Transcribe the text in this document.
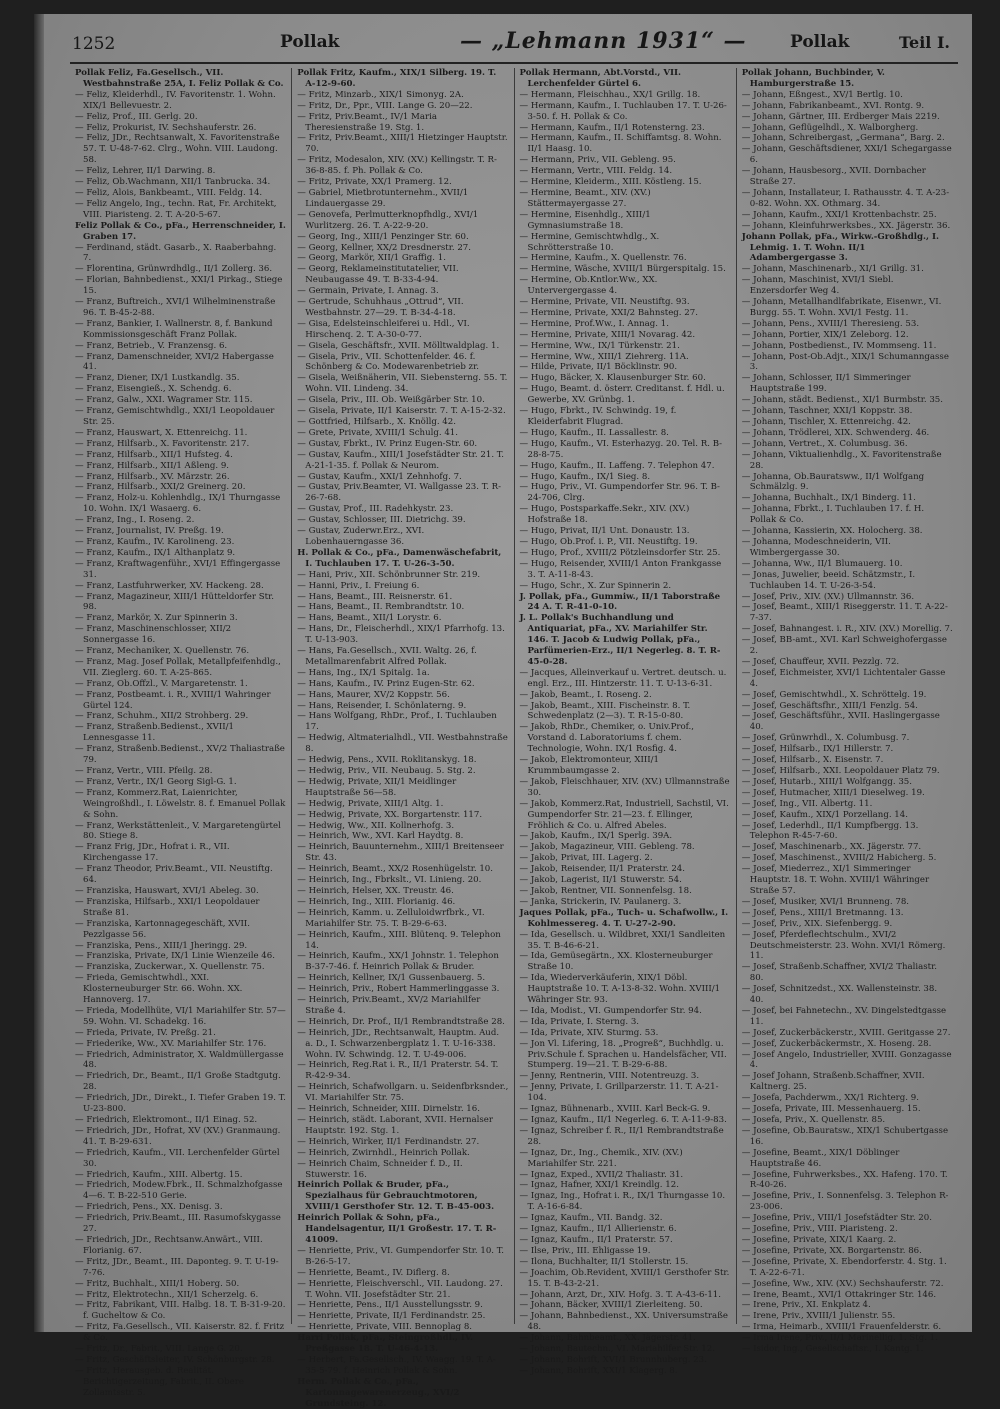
1252	Pollak	— „Lehmann 1931“ —	Pollak	Teil I.
Pollak Feliz, Fa.Gesellsch., VII. Westbahnstraße 25A, I. Feliz Pollak & Co.
— Feliz, Kleiderhdl., IV. Favoritenstr. 1. Wohn. XIX/1 Bellevuestr. 2.
— Feliz, Prof., III. Gerlg. 20.
— Feliz, Prokurist, IV. Sechshauferstr. 26.
— Feliz, JDr., Rechtsanwalt, X. Favoritenstraße 57. T. U-48-7-62. Clrg., Wohn. VIII. Laudong. 58.
— Feliz, Lehrer, II/1 Darwing. 8.
— Feliz, Ob.Wachmann, XII/1 Tanbrucka. 34.
— Feliz, Alois, Bankbeamt., VIII. Feldg. 14.
— Feliz Angelo, Ing., techn. Rat, Fr. Architekt, VIII. Piaristeng. 2. T. A-20-5-67.
Feliz Pollak & Co., pFa., Herrenschneider, I. Graben 17.
— Ferdinand, städt. Gasarb., X. Raaberbahng. 7.
— Florentina, Grünwrdhdlg., II/1 Zollerg. 36.
— Florian, Bahnbedienst., XXI/1 Pirkag., Stiege 15.
— Franz, Buftreich., XVI/1 Wilhelminenstraße 96. T. B-45-2-88.
— Franz, Bankier, I. Wallnerstr. 8, f. Bankund Kommissionsgeschäft Franz Pollak.
— Franz, Betrieb., V. Franzensg. 6.
— Franz, Damenschneider, XVI/2 Habergasse 41.
— Franz, Diener, IX/1 Lustkandlg. 35.
— Franz, Eisengieß., X. Schendg. 6.
— Franz, Galw., XXI. Wagramer Str. 115.
— Franz, Gemischtwhdlg., XXI/1 Leopoldauer Str. 25.
— Franz, Hauswart, X. Ettenreichg. 11.
— Franz, Hilfsarb., X. Favoritenstr. 217.
— Franz, Hilfsarb., XII/1 Hufsteg. 4.
— Franz, Hilfsarb., XII/1 Aßleng. 9.
— Franz, Hilfsarb., XV. Märzstr. 26.
— Franz, Hilfsarb., XXI/2 Greinerg. 20.
— Franz, Holz-u. Kohlenhdlg., IX/1 Thurngasse 10. Wohn. IX/1 Wasaerg. 6.
— Franz, Ing., I. Roseng. 2.
— Franz, Journalist, IV. Preßg. 19.
— Franz, Kaufm., IV. Karolineng. 23.
— Franz, Kaufm., IX/1 Althanplatz 9.
— Franz, Kraftwagenführ., XVI/1 Effingergasse 31.
— Franz, Lastfuhrwerker, XV. Hackeng. 28.
— Franz, Magazineur, XIII/1 Hütteldorfer Str. 98.
— Franz, Markör, X. Zur Spinnerin 3.
— Franz, Maschinenschlosser, XII/2 Sonnergasse 16.
— Franz, Mechaniker, X. Quellenstr. 76.
— Franz, Mag. Josef Pollak, Metallpfeifenhdlg., VII. Zieglerg. 60. T. A-25-865.
— Franz, Ob.Offzl., V. Margaretenstr. 1.
— Franz, Postbeamt. i. R., XVIII/1 Wahringer Gürtel 124.
— Franz, Schuhm., XII/2 Strohberg. 29.
— Franz, Straßenb.Bedienst., XVII/1 Lennesgasse 11.
— Franz, Straßenb.Bedienst., XV/2 Thaliastraße 79.
— Franz, Vertr., VIII. Pfeilg. 28.
— Franz, Vertr., IX/1 Georg Sigl-G. 1.
— Franz, Kommerz.Rat, Laienrichter, Weingroßhdl., I. Löwelstr. 8. f. Emanuel Pollak & Sohn.
— Franz, Werkstättenleit., V. Margaretengürtel 80. Stiege 8.
— Franz Frig, JDr., Hofrat i. R., VII. Kirchengasse 17.
— Franz Theodor, Priv.Beamt., VII. Neustiftg. 64.
— Franziska, Hauswart, XVI/1 Abeleg. 30.
— Franziska, Hilfsarb., XXI/1 Leopoldauer Straße 81.
— Franziska, Kartonnagegeschäft, XVII. Pezzlgasse 56.
— Franziska, Pens., XIII/1 Jheringg. 29.
— Franziska, Private, IX/1 Linie Wienzeile 46.
— Franziska, Zuckerwar., X. Quellenstr. 75.
— Frieda, Gemischtwhdl., XXI. Klosterneuburger Str. 66. Wohn. XX. Hannoverg. 17.
— Frieda, Modellhüte, VI/1 Mariahilfer Str. 57—59. Wohn. VI. Schadekg. 16.
— Frieda, Private, IV. Preßg. 21.
— Friederike, Ww., XV. Mariahilfer Str. 176.
— Friedrich, Administrator, X. Waldmüllergasse 48.
— Friedrich, Dr., Beamt., II/1 Große Stadtgutg. 28.
— Friedrich, JDr., Direkt., I. Tiefer Graben 19. T. U-23-800.
— Friedrich, Elektromont., II/1 Einag. 52.
— Friedrich, JDr., Hofrat, XV (XV.) Granmaung. 41. T. B-29-631.
— Friedrich, Kaufm., VII. Lerchenfelder Gürtel 30.
— Friedrich, Kaufm., XIII. Albertg. 15.
— Friedrich, Modew.Fbrk., II. Schmalzhofgasse 4—6. T. B-22-510 Gerie.
— Friedrich, Pens., XX. Denisg. 3.
— Friedrich, Priv.Beamt., III. Rasumofskygasse 27.
— Friedrich, JDr., Rechtsanw.Anwärt., VIII. Florianig. 67.
— Fritz, JDr., Beamt., III. Daponteg. 9. T. U-19-7-76.
— Fritz, Buchhalt., XIII/1 Hoberg. 50.
— Fritz, Elektrotechn., XII/1 Scherzelg. 6.
— Fritz, Fabrikant, VIII. Halbg. 18. T. B-31-9-20. f. Gucheltow & Co.
— Fritz, Fa.Gesellsch., VII. Kaiserstr. 82. f. Fritz & Co.
— Fritz, Dr., Fabrit., VIII. Lange G. 20.
— Fritz, Geschäftsleiter, IV. Schönburgstr. 28.
— Fritz, Herausgeb. d. Realität. Berichtigerzeitung, Fabrit., II. Obere Zollamtsstr. 5.
Pollak Fritz, Kaufm., XIX/1 Silberg. 19. T. A-12-9-60.
— Fritz, Minzarb., XIX/1 Simonyg. 2A.
— Fritz, Dr., Ppr., VIII. Lange G. 20—22.
— Fritz, Priv.Beamt., IV/1 Maria Theresienstraße 19. Stg. 1.
— Fritz, Priv.Beamt., XIII/1 Hietzinger Hauptstr. 70.
— Fritz, Modesalon, XIV. (XV.) Kellingstr. T. R-36-8-85. f. Ph. Pollak & Co.
— Fritz, Private, XX/1 Pramerg. 12.
— Gabriel, Mietbrotunternehm., XVII/1 Lindauergasse 29.
— Genovefa, Perlmutterknopfhdlg., XVI/1 Wurlitzerg. 26. T. A-22-9-20.
— Georg, Ing., XIII/1 Penzinger Str. 60.
— Georg, Kellner, XX/2 Dresdnerstr. 27.
— Georg, Markör, XII/1 Graffig. 1.
— Georg, Reklameinstitutatelier, VII. Neubaugasse 49. T. B-33-4-94.
— Germain, Private, I. Annag. 3.
— Gertrude, Schuhhaus „Ottrud“, VII. Westbahnstr. 27—29. T. B-34-4-18.
— Gisa, Edelsteinschleiferei u. Hdl., VI. Hirschenq. 2. T. A-30-0-77.
— Gisela, Geschäftsfr., XVII. Mölltwaldplag. 1.
— Gisela, Priv., VII. Schottenfelder. 46. f. Schönberg & Co. Modewarenbetrieb zr.
— Gisela, Weißnäherin, VII. Siebensterng. 55. T. Wohn. VII. Lindeng. 34.
— Gisela, Priv., III. Ob. Weißgärber Str. 10.
— Gisela, Private, II/1 Kaiserstr. 7. T. A-15-2-32.
— Gottfried, Hilfsarb., X. Knöllg. 42.
— Grete, Private, XVIII/1 Schulg. 41.
— Gustav, Fbrkt., IV. Prinz Eugen-Str. 60.
— Gustav, Kaufm., XIII/1 Josefstädter Str. 21. T. A-21-1-35. f. Pollak & Neurom.
— Gustav, Kaufm., XXI/1 Zehnhofg. 7.
— Gustav, Priv.Beamter, VI. Wallgasse 23. T. R-26-7-68.
— Gustav, Prof., III. Radehkystr. 23.
— Gustav, Schlosser, III. Dietrichg. 39.
— Gustav, Zuderwr.Erz., XVI. Lobenhauerngasse 36.
H. Pollak & Co., pFa., Damenwäschefabrit, I. Tuchlauben 17. T. U-26-3-50.
— Hani, Priv., XII. Schönbrunner Str. 219.
— Hanni, Priv., I. Freiung 6.
— Hans, Beamt., III. Reisnerstr. 61.
— Hans, Beamt., II. Rembrandtstr. 10.
— Hans, Beamt., XII/1 Lorystr. 6.
— Hans, Dr., Fleischerhdl., XIX/1 Pfarrhofg. 13. T. U-13-903.
— Hans, Fa.Gesellsch., XVII. Waltg. 26, f. Metallmarenfabrit Alfred Pollak.
— Hans, Ing., IX/1 Spitalg. 1a.
— Hans, Kaufm., IV. Prinz Eugen-Str. 62.
— Hans, Maurer, XV/2 Koppstr. 56.
— Hans, Reisender, I. Schönlaterng. 9.
— Hans Wolfgang, RhDr., Prof., I. Tuchlauben 17.
— Hedwig, Altmaterialhdl., VII. Westbahnstraße 8.
— Hedwig, Pens., XVII. Roklitanskyg. 18.
— Hedwig, Priv., VII. Neubaug. 5. Stg. 2.
— Hedwig, Private, XII/1 Meidlinger Hauptstraße 56—58.
— Hedwig, Private, XIII/1 Altg. 1.
— Hedwig, Private, XX. Borgartenstr. 117.
— Hedwig, Ww., XII. Kollnerhofg. 3.
— Heinrich, Ww., XVI. Karl Haydtg. 8.
— Heinrich, Bauunternehm., XIII/1 Breitenseer Str. 43.
— Heinrich, Beamt., XX/2 Rosenhügelstr. 10.
— Heinrich, Ing., Fbrkslt., VI. Linieng. 20.
— Heinrich, Helser, XX. Treustr. 46.
— Heinrich, Ing., XIII. Florianig. 46.
— Heinrich, Kamm. u. Zelluloidwrfbrk., VI. Mariahilfer Str. 75. T. B-29-6-63.
— Heinrich, Kaufm., XIII. Blütenq. 9. Telephon 14.
— Heinrich, Kaufm., XX/1 Johnstr. 1. Telephon B-37-7-46. f. Heinrich Pollak & Bruder.
— Heinrich, Kellner, IX/1 Gussenbauerg. 5.
— Heinrich, Priv., Robert Hammerlinggasse 3.
— Heinrich, Priv.Beamt., XV/2 Mariahilfer Straße 4.
— Heinrich, Dr. Prof., II/1 Rembrandtstraße 28.
— Heinrich, JDr., Rechtsanwalt, Hauptm. Aud. a. D., I. Schwarzenbergplatz 1. T. U-16-338. Wohn. IV. Schwindg. 12. T. U-49-006.
— Heinrich, Reg.Rat i. R., II/1 Praterstr. 54. T. R-42-9-34.
— Heinrich, Schafwollgarn. u. Seidenfbrksnder., VI. Mariahilfer Str. 75.
— Heinrich, Schneider, XIII. Dirnelstr. 16.
— Heinrich, städt. Laborant, XVII. Hernalser Hauptstr. 192. Stg. 1.
— Heinrich, Wirker, II/1 Ferdinandstr. 27.
— Heinrich, Zwirnhdl., Heinrich Pollak.
— Heinrich Chaim, Schneider f. D., II. Stuwerstr. 16.
Heinrich Pollak & Bruder, pFa., Spezialhaus für Gebrauchtmotoren, XVIII/1 Gersthofer Str. 12. T. B-45-003.
Heinrich Pollak & Sohn, pFa., Handelsagentur, II/1 Großestr. 17. T. R-41009.
— Henriette, Priv., VI. Gumpendorfer Str. 10. T. B-26-5-17.
— Henriette, Beamt., IV. Diflerg. 8.
— Henriette, Fleischverschl., VII. Laudong. 27. T. Wohn. VII. Josefstädter Str. 21.
— Henriette, Pens., II/1 Ausstellungsstr. 9.
— Henriette, Private, II/1 Ferdinandstr. 25.
— Henriette, Private, VIII. Bennoplag 8.
Harri Pollak, pFa., Steingroßhdl., IV. Preßgasse 18. T. U-46-4-13.
— Herbert, Fa.Gesellsch., IV. Waagg. 19. T. A-35-5-79. f. Heinrich Pollak & Sohn.
Herm. Pollak & Co., pFa., Kartonnagewarenerzeug., XVI/2 Grundsteing. 12.
Pollak Hermann, Abt.Vorstd., VII. Lerchenfelder Gürtel 6.
— Hermann, Fleischhau., XX/1 Grillg. 18.
— Hermann, Kaufm., I. Tuchlauben 17. T. U-26-3-50. f. H. Pollak & Co.
— Hermann, Kaufm., II/1 Rotensterng. 23.
— Hermann, Kaufm., II. Schiffamtsg. 8. Wohn. II/1 Haasg. 10.
— Hermann, Priv., VII. Gebleng. 95.
— Hermann, Vertr., VIII. Feldg. 14.
— Hermine, Kleiderm., XIII. Köstleng. 15.
— Hermine, Beamt., XIV. (XV.) Stättermayergasse 27.
— Hermine, Eisenhdlg., XIII/1 Gymnasiumstraße 18.
— Hermine, Gemischtwhdlg., X. Schrötterstraße 10.
— Hermine, Kaufm., X. Quellenstr. 76.
— Hermine, Wäsche, XVIII/1 Bürgerspitalg. 15.
— Hermine, Ob.Kntlor.Ww., XX. Untervergergasse 4.
— Hermine, Private, VII. Neustiftg. 93.
— Hermine, Private, XXI/2 Bahnsteg. 27.
— Hermine, Prof.Ww., I. Annag. 1.
— Hermine, Private, XIII/1 Novarag. 42.
— Hermine, Ww., IX/1 Türkenstr. 21.
— Hermine, Ww., XIII/1 Ziehrerg. 11A.
— Hilde, Private, II/1 Böcklinstr. 90.
— Hugo, Bäcker, X. Klausenburger Str. 60.
— Hugo, Beamt. d. österr. Creditanst. f. Hdl. u. Gewerbe, XV. Grünbg. 1.
— Hugo, Fbrkt., IV. Schwindg. 19, f. Kleiderfabrit Flugrad.
— Hugo, Kaufm., II. Lassallestr. 8.
— Hugo, Kaufm., VI. Esterhazyg. 20. Tel. R. B-28-8-75.
— Hugo, Kaufm., II. Laffeng. 7. Telephon 47.
— Hugo, Kaufm., IX/1 Sieg. 8.
— Hugo, Priv., VI. Gumpendorfer Str. 96. T. B-24-706, Clrg.
— Hugo, Postsparkaffe.Sekr., XIV. (XV.) Hofstraße 18.
— Hugo, Privat, II/1 Unt. Donaustr. 13.
— Hugo, Ob.Prof. i. P., VII. Neustiftg. 19.
— Hugo, Prof., XVIII/2 Pötzleinsdorfer Str. 25.
— Hugo, Reisender, XVIII/1 Anton Frankgasse 3. T. A-11-8-43.
— Hugo, Schr., X. Zur Spinnerin 2.
J. Pollak, pFa., Gummiw., II/1 Taborstraße 24 A. T. R-41-0-10.
J. L. Pollak's Buchhandlung und Antiquariat, pFa., XV. Mariahilfer Str. 146. T. Jacob & Ludwig Pollak, pFa., Parfümerien-Erz., II/1 Negerleg. 8. T. R-45-0-28.
— Jacques, Alleinverkauf u. Vertret. deutsch. u. engl. Erz., III. Hintzerstr. 11. T. U-13-6-31.
— Jakob, Beamt., I. Roseng. 2.
— Jakob, Beamt., XIII. Fischeinstr. 8. T. Schwedenplatz (2—3). T. R-15-0-80.
— Jakob, RhDr., Chemiker, o. Univ.Prof., Vorstand d. Laboratoriums f. chem. Technologie, Wohn. IX/1 Rosfig. 4.
— Jakob, Elektromonteur, XIII/1 Krummbaumgasse 2.
— Jakob, Fleischhauer, XIV. (XV.) Ullmannstraße 30.
— Jakob, Kommerz.Rat, Industriell, Sachstil, VI. Gumpendorfer Str. 21—23. f. Ellinger, Fröhlich & Co. u. Alfred Abeles.
— Jakob, Kaufm., IX/1 Sperlg. 39A.
— Jakob, Magazineur, VIII. Gebleng. 78.
— Jakob, Privat, III. Lagerg. 2.
— Jakob, Reisender, II/1 Praterstr. 24.
— Jakob, Lagerist, II/1 Stuwerstr. 54.
— Jakob, Rentner, VII. Sonnenfelsg. 18.
— Janka, Strickerin, IV. Paulanerg. 3.
Jaques Pollak, pFa., Tuch- u. Schafwollw., I. Kohlmessereg. 4. T. U-27-2-90.
— Ida, Gesellsch. u. Wildbret, XXI/1 Sandleiten 35. T. B-46-6-21.
— Ida, Gemüsegärtn., XX. Klosterneuburger Straße 10.
— Ida, Wiederverkäuferin, XIX/1 Döbl. Hauptstraße 10. T. A-13-8-32. Wohn. XVIII/1 Währinger Str. 93.
— Ida, Modist., VI. Gumpendorfer Str. 94.
— Ida, Private, I. Sterng. 3.
— Ida, Private, XIV. Sturmg. 53.
— Jon Vl. Lifering, 18. „Progreß“, Buchhdlg. u. Priv.Schule f. Sprachen u. Handelsfächer, VII. Stumperg. 19—21. T. B-29-6-88.
— Jenny, Rentnerin, VIII. Notentreuzg. 3.
— Jenny, Private, I. Grillparzerstr. 11. T. A-21-104.
— Ignaz, Bühnenarb., XVIII. Karl Beck-G. 9.
— Ignaz, Kaufm., II/1 Negerleg. 6. T. A-11-9-83.
— Ignaz, Schreiber f. R., II/1 Rembrandtstraße 28.
— Ignaz, Dr., Ing., Chemik., XIV. (XV.) Mariahilfer Str. 221.
— Ignaz, Exped., XVII/2 Thaliastr. 31.
— Ignaz, Hafner, XXI/1 Kreindlg. 12.
— Ignaz, Ing., Hofrat i. R., IX/1 Thurngasse 10. T. A-16-6-84.
— Ignaz, Kaufm., VII. Bandg. 32.
— Ignaz, Kaufm., II/1 Allierienstr. 6.
— Ignaz, Kaufm., II/1 Praterstr. 57.
— Ilse, Priv., III. Ehligasse 19.
— Ilona, Buchhalter, II/1 Stollerstr. 15.
— Joachim, Ob.Revident, XVIII/1 Gersthofer Str. 15. T. B-43-2-21.
— Johann, Arzt, Dr., XIV. Hofg. 3. T. A-43-6-11.
— Johann, Bäcker, XVIII/1 Zierleiteng. 50.
— Johann, Bahnbedienst., XX. Universumstraße 48.
— Johann, Bahnbeamt., XX. Jägerstr. 41.
— Johann, Bautechn., VI. Mariahilfer Str. 12.
— Johann, Bohrift, XVI/1 Brunnhuberg. 23.
— Johann, Bohrift, XXI/1 Klagerg. 8.
Pollak Johann, Buchbinder, V. Hamburgerstraße 15.
— Johann, Eßngest., XV/1 Bertlg. 10.
— Johann, Fabrikanbeamt., XVI. Rontg. 9.
— Johann, Gärtner, III. Erdberger Mais 2219.
— Johann, Geflügelhdl., X. Walborgherg.
— Johann, Schreibergast, „Germana“, Barg. 2.
— Johann, Geschäftsdiener, XXI/1 Schegargasse 6.
— Johann, Hausbesorg., XVII. Dornbacher Straße 27.
— Johann, Installateur, I. Rathausstr. 4. T. A-23-0-82. Wohn. XX. Othmarg. 34.
— Johann, Kaufm., XXI/1 Krottenbachstr. 25.
— Johann, Kleinfuhrwerksbes., XX. Jägerstr. 36.
Johann Pollak, pFa., Wirkw.-Großhdlg., I. Lehmig. 1. T. Wohn. II/1 Adambergergasse 3.
— Johann, Maschinenarb., XI/1 Grillg. 31.
— Johann, Maschinist, XVI/1 Siebl. Enzersdorfer Weg 4.
— Johann, Metallhandlfabrikate, Eisenwr., VI. Burgg. 55. T. Wohn. XVI/1 Festg. 11.
— Johann, Pens., XVIII/1 Theresieng. 53.
— Johann, Portier, XIX/1 Zeleborg. 12.
— Johann, Postbedienst., IV. Mommseng. 11.
— Johann, Post-Ob.Adjt., XIX/1 Schumanngasse 3.
— Johann, Schlosser, II/1 Simmeringer Hauptstraße 199.
— Johann, städt. Bedienst., XI/1 Burmbstr. 35.
— Johann, Taschner, XXI/1 Koppstr. 38.
— Johann, Tischler, X. Ettenreichg. 42.
— Johann, Trödlerei, XIX. Schwenderg. 46.
— Johann, Vertret., X. Columbusg. 36.
— Johann, Viktualienhdlg., X. Favoritenstraße 28.
— Johanna, Ob.Bauratsww., II/1 Wolfgang Schmälzlg. 9.
— Johanna, Buchhalt., IX/1 Binderg. 11.
— Johanna, Fbrkt., I. Tuchlauben 17. f. H. Pollak & Co.
— Johanna, Kassierin, XX. Holocherg. 38.
— Johanna, Modeschneiderin, VII. Wimbergergasse 30.
— Johanna, Ww., II/1 Blumauerg. 10.
— Jonas, Juwelier, beeid. Schätzmstr., I. Tuchlauben 14. T. U-26-3-54.
— Josef, Priv., XIV. (XV.) Ullmannstr. 36.
— Josef, Beamt., XIII/1 Riseggerstr. 11. T. A-22-7-37.
— Josef, Bahnangest. i. R., XIV. (XV.) Morellig. 7.
— Josef, BB-amt., XVI. Karl Schweighofergasse 2.
— Josef, Chauffeur, XVII. Pezzlg. 72.
— Josef, Eichmeister, XVI/1 Lichtentaler Gasse 4.
— Josef, Gemischtwhdl., X. Schröttelg. 19.
— Josef, Geschäftsfhr., XIII/1 Fenzlg. 54.
— Josef, Geschäftsführ., XVII. Haslingergasse 40.
— Josef, Grünwrhdl., X. Columbusg. 7.
— Josef, Hilfsarb., IX/1 Hillerstr. 7.
— Josef, Hilfsarb., X. Eisenstr. 7.
— Josef, Hilfsarb., XXI. Leopoldauer Platz 79.
— Josef, Hutarb., XIII/1 Wolfgangg. 35.
— Josef, Hutmacher, XIII/1 Dieselweg. 19.
— Josef, Ing., VII. Albertg. 11.
— Josef, Kaufm., XIX/1 Porzellang. 14.
— Josef, Lederhdl., II/1 Kumpfbergg. 13. Telephon R-45-7-60.
— Josef, Maschinenarb., XX. Jägerstr. 77.
— Josef, Maschinenst., XVIII/2 Habicherg. 5.
— Josef, Miederrez., XI/1 Simmeringer Hauptstr. 18. T. Wohn. XVIII/1 Währinger Straße 57.
— Josef, Musiker, XVI/1 Brunneng. 78.
— Josef, Pens., XIII/1 Bretmanng. 13.
— Josef, Priv., XIX. Siefenbergg. 9.
— Josef, Pferdeflechtschulm., XVI/2 Deutschmeisterstr. 23. Wohn. XVI/1 Römerg. 11.
— Josef, Straßenb.Schaffner, XVI/2 Thaliastr. 80.
— Josef, Schnitzedst., XX. Wallensteinstr. 38. 40.
— Josef, bei Fahnetechn., XV. Dingelstedtgasse 11.
— Josef, Zuckerbäckerstr., XVIII. Geritgasse 27.
— Josef, Zuckerbäckermstr., X. Hoseng. 28.
— Josef Angelo, Industrieller, XVIII. Gonzagasse 4.
— Josef Johann, Straßenb.Schaffner, XVII. Kaltnerg. 25.
— Josefa, Pachderwm., XX/1 Richterg. 9.
— Josefa, Private, III. Messenhauerg. 15.
— Josefa, Priv., X. Quellenstr. 85.
— Josefine, Ob.Bauratsw., XIX/1 Schubertgasse 16.
— Josefine, Beamt., XIX/1 Döblinger Hauptstraße 46.
— Josefine, Fuhrwerksbes., XX. Hafeng. 170. T. R-40-26.
— Josefine, Priv., I. Sonnenfelsg. 3. Telephon R-23-006.
— Josefine, Priv., VIII/1 Josefstädter Str. 20.
— Josefine, Priv., VIII. Piaristeng. 2.
— Josefine, Private, XIX/1 Kaarg. 2.
— Josefine, Private, XX. Borgartenstr. 86.
— Josefine, Private, X. Ebendorferstr. 4. Stg. 1. T. A-22-6-71.
— Josefine, Ww., XIV. (XV.) Sechshauferstr. 72.
— Irene, Beamt., XVI/1 Ottakringer Str. 146.
— Irene, Priv., XI. Enkplatz 4.
— Irene, Priv., XVIII/1 Julienstr. 55.
— Irma, Heimarb., XVIII/1 Frauenfelderstr. 6.
— Irma Irene, Priv., II/1 Marinellig. 1. Stg. 1.
— Isidor, Ing., Gesellschaftsr., I. Kantg. 1.
